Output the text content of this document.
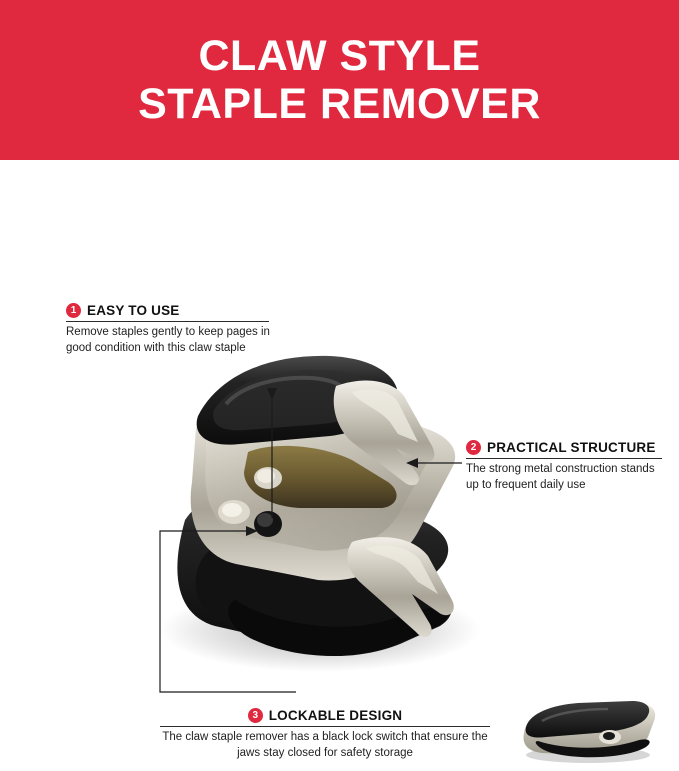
CLAW STYLE
STAPLE REMOVER
1 EASY TO USE
Remove staples gently to keep pages in good condition with this claw staple
2 PRACTICAL STRUCTURE
The strong metal construction stands up to frequent daily use
3 LOCKABLE DESIGN
The claw staple remover has a black lock switch that ensure the jaws stay closed for safety storage
